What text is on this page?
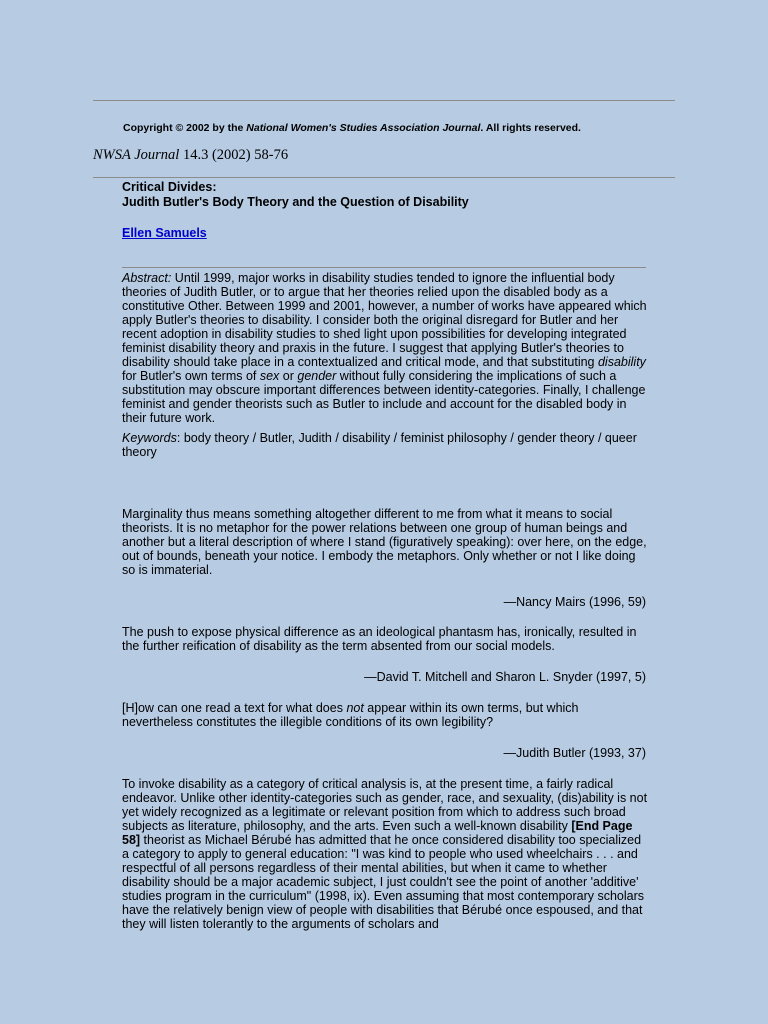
Copyright © 2002 by the National Women's Studies Association Journal. All rights reserved.
NWSA Journal 14.3 (2002) 58-76
Critical Divides:
Judith Butler's Body Theory and the Question of Disability
Ellen Samuels
Abstract: Until 1999, major works in disability studies tended to ignore the influential body theories of Judith Butler, or to argue that her theories relied upon the disabled body as a constitutive Other. Between 1999 and 2001, however, a number of works have appeared which apply Butler's theories to disability. I consider both the original disregard for Butler and her recent adoption in disability studies to shed light upon possibilities for developing integrated feminist disability theory and praxis in the future. I suggest that applying Butler's theories to disability should take place in a contextualized and critical mode, and that substituting disability for Butler's own terms of sex or gender without fully considering the implications of such a substitution may obscure important differences between identity-categories. Finally, I challenge feminist and gender theorists such as Butler to include and account for the disabled body in their future work.
Keywords: body theory / Butler, Judith / disability / feminist philosophy / gender theory / queer theory
Marginality thus means something altogether different to me from what it means to social theorists. It is no metaphor for the power relations between one group of human beings and another but a literal description of where I stand (figuratively speaking): over here, on the edge, out of bounds, beneath your notice. I embody the metaphors. Only whether or not I like doing so is immaterial.
—Nancy Mairs (1996, 59)
The push to expose physical difference as an ideological phantasm has, ironically, resulted in the further reification of disability as the term absented from our social models.
—David T. Mitchell and Sharon L. Snyder (1997, 5)
[H]ow can one read a text for what does not appear within its own terms, but which nevertheless constitutes the illegible conditions of its own legibility?
—Judith Butler (1993, 37)
To invoke disability as a category of critical analysis is, at the present time, a fairly radical endeavor. Unlike other identity-categories such as gender, race, and sexuality, (dis)ability is not yet widely recognized as a legitimate or relevant position from which to address such broad subjects as literature, philosophy, and the arts. Even such a well-known disability [End Page 58] theorist as Michael Bérubé has admitted that he once considered disability too specialized a category to apply to general education: "I was kind to people who used wheelchairs . . . and respectful of all persons regardless of their mental abilities, but when it came to whether disability should be a major academic subject, I just couldn't see the point of another 'additive' studies program in the curriculum" (1998, ix). Even assuming that most contemporary scholars have the relatively benign view of people with disabilities that Bérubé once espoused, and that they will listen tolerantly to the arguments of scholars and
